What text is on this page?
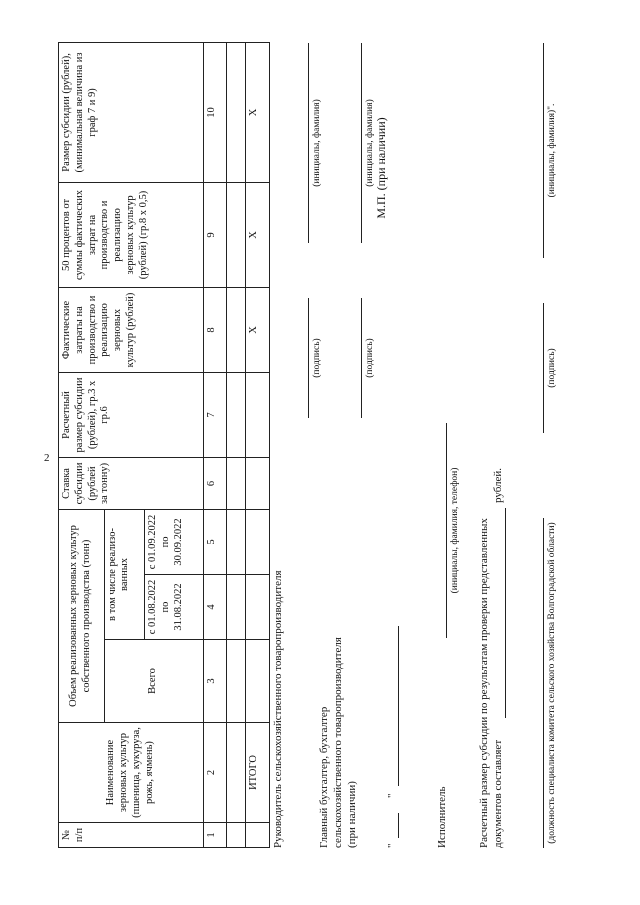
2
№ п/п	Наименование зерновых культур (пшеница, кукуруза, рожь, ячмень)	Объем реализованных зерновых культур собственного производства (тонн)			Ставка субсидии (рублей за тонну)	Расчетный размер субсидии (рублей), гр.3 х гр.6	Фактические затраты на производство и реализацию зерновых культур (рублей)	50 процентов от суммы фактических затрат на производство и реализацию зерновых культур (рублей) (гр.8 х 0,5)	Размер субсидии (рублей), (минимальная величина из граф 7 и 9)
		Всего	в том числе реализо-ванных						
			с 01.08.2022 по 31.08.2022	с 01.09.2022 по 30.09.2022					
1	2	3	4	5	6	7	8	9	10

	ИТОГО						X	X	X
Руководитель сельскохозяйственного товаропроизводителя
(подпись)
(инициалы, фамилия)
Главный бухгалтер, бухгалтер сельскохозяйственного товаропроизводителя (при наличии)
(подпись)
(инициалы, фамилия)
"
"
М.П. (при наличии)
Исполнитель
(инициалы, фамилия, телефон) Расчетный размер субсидии по результатам проверки представленных документов составляет
рублей.
(должность специалиста комитета сельского хозяйства Волгоградской области)
(подпись)
(инициалы, фамилия)".
